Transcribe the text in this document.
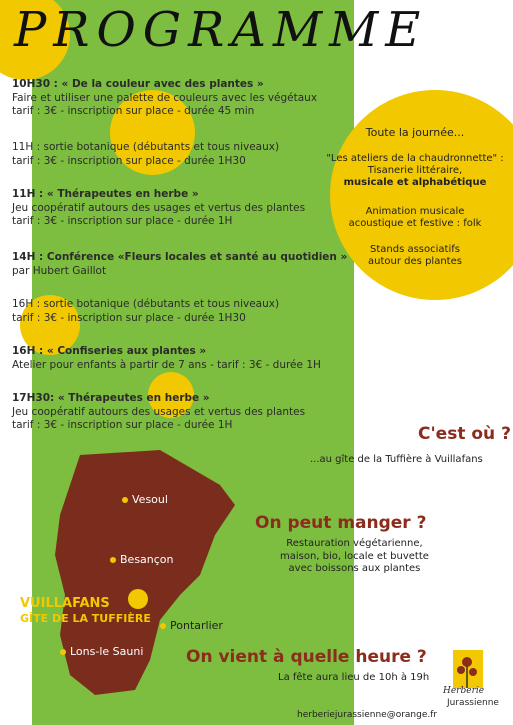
PROGRAMME
10H30 : « De la couleur avec des plantes »
Faire et utiliser une palette de couleurs avec les végétaux
tarif : 3€ - inscription sur place - durée 45 min
11H : sortie botanique (débutants et tous niveaux)
tarif : 3€ - inscription sur place - durée 1H30
11H : « Thérapeutes en herbe »
Jeu coopératif autours des usages et vertus des plantes
tarif : 3€ - inscription sur place - durée 1H
14H : Conférence «Fleurs locales et santé au quotidien »
par Hubert Gaillot
16H : sortie botanique (débutants et tous niveaux)
tarif : 3€ - inscription sur place - durée 1H30
16H : « Confiseries aux plantes »
Atelier pour enfants à partir de 7 ans - tarif : 3€ - durée 1H
17H30: « Thérapeutes en herbe »
Jeu coopératif autours des usages et vertus des plantes
tarif : 3€ - inscription sur place - durée 1H
Toute la journée...
"Les ateliers de la chaudronnette" :
Tisanerie littéraire,
musicale et alphabétique
Animation musicale
acoustique et festive : folk
Stands associatifs
autour des plantes
Vesoul
Besançon
Pontarlier
Lons-le Sauni
VUILLAFANS
GÎTE DE LA TUFFIÈRE
C'est où ?
...au gîte de la Tuffière à Vuillafans
On peut manger ?
Restauration végétarienne,
maison, bio, locale et buvette
avec boissons aux plantes
On vient à quelle heure ?
La fête aura lieu de 10h à 19h
Herberie
Jurassienne
herberiejurassienne@orange.fr
